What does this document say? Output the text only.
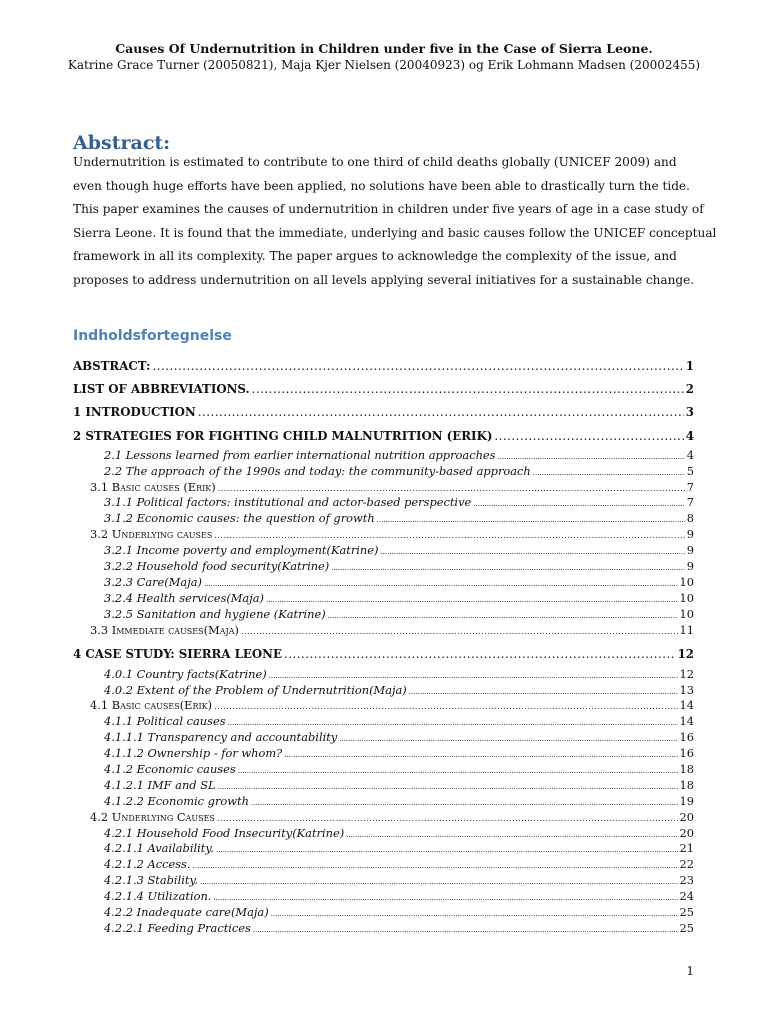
Causes Of Undernutrition in Children under five in the Case of Sierra Leone.
Katrine Grace Turner (20050821), Maja Kjer Nielsen (20040923) og Erik Lohmann Madsen (20002455)
Abstract:
Undernutrition is estimated to contribute to one third of child deaths globally (UNICEF 2009) and
even though huge efforts have been applied, no solutions have been able to drastically turn the tide.
This paper examines the causes of undernutrition in children under five years of age in a case study of
Sierra Leone. It is found that the immediate, underlying and basic causes follow the UNICEF conceptual
framework in all its complexity. The paper argues to acknowledge the complexity of the issue, and
proposes to address undernutrition on all levels applying several initiatives for a sustainable change.
Indholdsfortegnelse
ABSTRACT: .....	1
LIST OF ABBREVIATIONS. .....	2
1 INTRODUCTION .....	3
2 STRATEGIES FOR FIGHTING CHILD MALNUTRITION (ERIK) .....	4
2.1 Lessons learned from earlier international nutrition approaches .....	4
2.2 The approach of the 1990s and today: the community-based approach .....	5
3.1 Basic causes (Erik) .....	7
3.1.1 Political factors: institutional and actor-based perspective .....	7
3.1.2 Economic causes: the question of growth .....	8
3.2 Underlying causes .....	9
3.2.1 Income poverty and employment(Katrine) .....	9
3.2.2 Household food security(Katrine) .....	9
3.2.3 Care(Maja) .....	10
3.2.4 Health services(Maja) .....	10
3.2.5 Sanitation and hygiene (Katrine) .....	10
3.3 Immediate causes(Maja) .....	11
4 CASE STUDY: SIERRA LEONE .....	12
4.0.1 Country facts(Katrine) .....	12
4.0.2 Extent of the Problem of Undernutrition(Maja) .....	13
4.1 Basic causes(Erik) .....	14
4.1.1 Political causes .....	14
4.1.1.1 Transparency and accountability .....	16
4.1.1.2 Ownership - for whom? .....	16
4.1.2 Economic causes .....	18
4.1.2.1 IMF and SL .....	18
4.1.2.2 Economic growth .....	19
4.2 Underlying Causes .....	20
4.2.1 Household Food Insecurity(Katrine) .....	20
4.2.1.1 Availability. .....	21
4.2.1.2 Access. .....	22
4.2.1.3 Stability. .....	23
4.2.1.4 Utilization. .....	24
4.2.2 Inadequate care(Maja) .....	25
4.2.2.1 Feeding Practices .....	25
1
